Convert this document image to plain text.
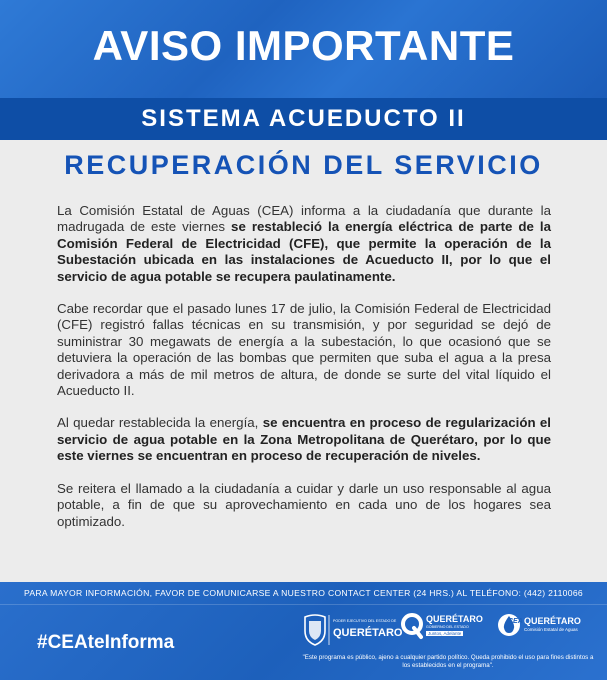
AVISO IMPORTANTE
SISTEMA ACUEDUCTO II
RECUPERACIÓN DEL SERVICIO

La Comisión Estatal de Aguas (CEA) informa a la ciudadanía que durante la madrugada de este viernes se restableció la energía eléctrica de parte de la Comisión Federal de Electricidad (CFE), que permite la operación de la Subestación ubicada en las instalaciones de Acueducto II, por lo que el servicio de agua potable se recupera paulatinamente.

Cabe recordar que el pasado lunes 17 de julio, la Comisión Federal de Electricidad (CFE) registró fallas técnicas en su transmisión, y por seguridad se dejó de suministrar 30 megawats de energía a la subestación, lo que ocasionó que se detuviera la operación de las bombas que permiten que suba el agua a la presa derivadora a más de mil metros de altura, de donde se surte del vital líquido el Acueducto II.

Al quedar restablecida la energía, se encuentra en proceso de regularización el servicio de agua potable en la Zona Metropolitana de Querétaro, por lo que este viernes se encuentran en proceso de recuperación de niveles.

Se reitera el llamado a la ciudadanía a cuidar y darle un uso responsable al agua potable, a fin de que su aprovechamiento en cada uno de los hogares sea optimizado.

PARA MAYOR INFORMACIÓN, FAVOR DE COMUNICARSE A NUESTRO CONTACT CENTER (24 HRS.) AL TELÉFONO: (442) 2110066
#CEAteInforma
PODER EJECUTIVO DEL ESTADO DE
QUERÉTARO
QUERÉTARO
GOBIERNO DEL ESTADO
Juntos, Adelante
CEA QUERÉTARO
Comisión Estatal de Aguas
"Este programa es público, ajeno a cualquier partido político. Queda prohibido el uso para fines distintos a los establecidos en el programa".
